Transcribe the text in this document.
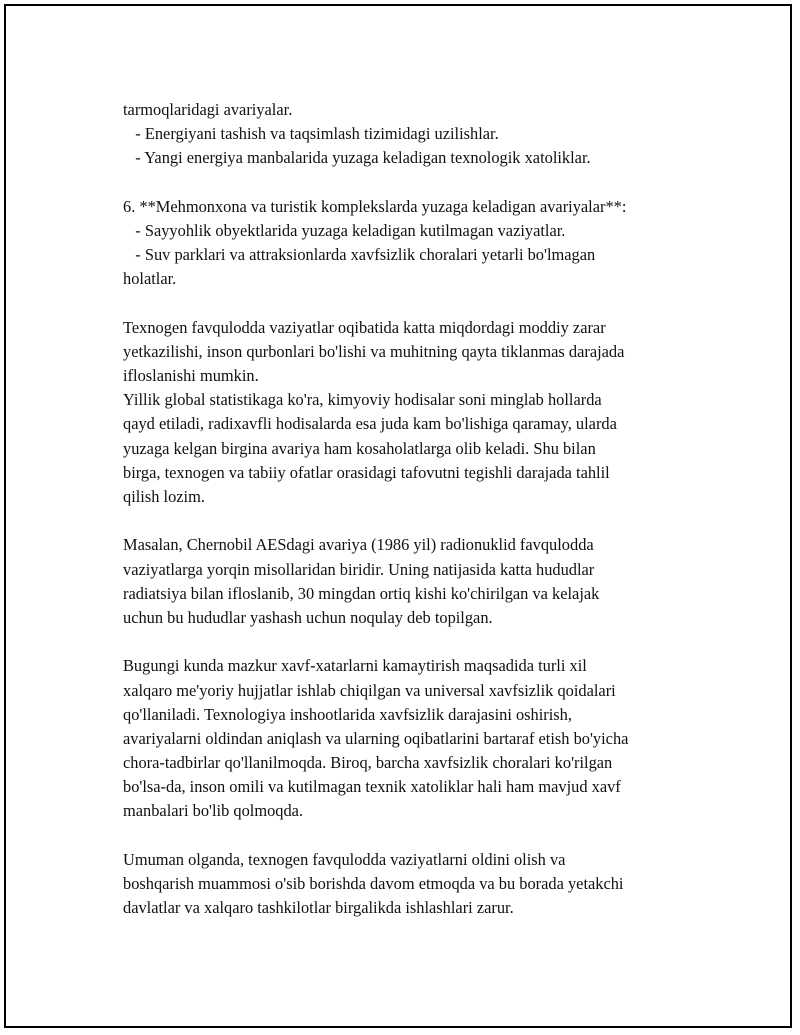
tarmoqlaridagi avariyalar.
- Energiyani tashish va taqsimlash tizimidagi uzilishlar.
- Yangi energiya manbalarida yuzaga keladigan texnologik xatoliklar.
6. **Mehmonxona va turistik komplekslarda yuzaga keladigan avariyalar**:
- Sayyohlik obyektlarida yuzaga keladigan kutilmagan vaziyatlar.
- Suv parklari va attraksionlarda xavfsizlik choralari yetarli bo'lmagan
holatlar.
Texnogen favqulodda vaziyatlar oqibatida katta miqdordagi moddiy zarar
yetkazilishi, inson qurbonlari bo'lishi va muhitning qayta tiklanmas darajada
ifloslanishi mumkin.
Yillik global statistikaga ko'ra, kimyoviy hodisalar soni minglab hollarda
qayd etiladi, radixavfli hodisalarda esa juda kam bo'lishiga qaramay, ularda
yuzaga kelgan birgina avariya ham kosaholatlarga olib keladi. Shu bilan
birga, texnogen va tabiiy ofatlar orasidagi tafovutni tegishli darajada tahlil
qilish lozim.
Masalan, Chernobil AESdagi avariya (1986 yil) radionuklid favqulodda
vaziyatlarga yorqin misollaridan biridir. Uning natijasida katta hududlar
radiatsiya bilan ifloslanib, 30 mingdan ortiq kishi ko'chirilgan va kelajak
uchun bu hududlar yashash uchun noqulay deb topilgan.
Bugungi kunda mazkur xavf-xatarlarni kamaytirish maqsadida turli xil
xalqaro me'yoriy hujjatlar ishlab chiqilgan va universal xavfsizlik qoidalari
qo'llaniladi. Texnologiya inshootlarida xavfsizlik darajasini oshirish,
avariyalarni oldindan aniqlash va ularning oqibatlarini bartaraf etish bo'yicha
chora-tadbirlar qo'llanilmoqda. Biroq, barcha xavfsizlik choralari ko'rilgan
bo'lsa-da, inson omili va kutilmagan texnik xatoliklar hali ham mavjud xavf
manbalari bo'lib qolmoqda.
Umuman olganda, texnogen favqulodda vaziyatlarni oldini olish va
boshqarish muammosi o'sib borishda davom etmoqda va bu borada yetakchi
davlatlar va xalqaro tashkilotlar birgalikda ishlashlari zarur.
